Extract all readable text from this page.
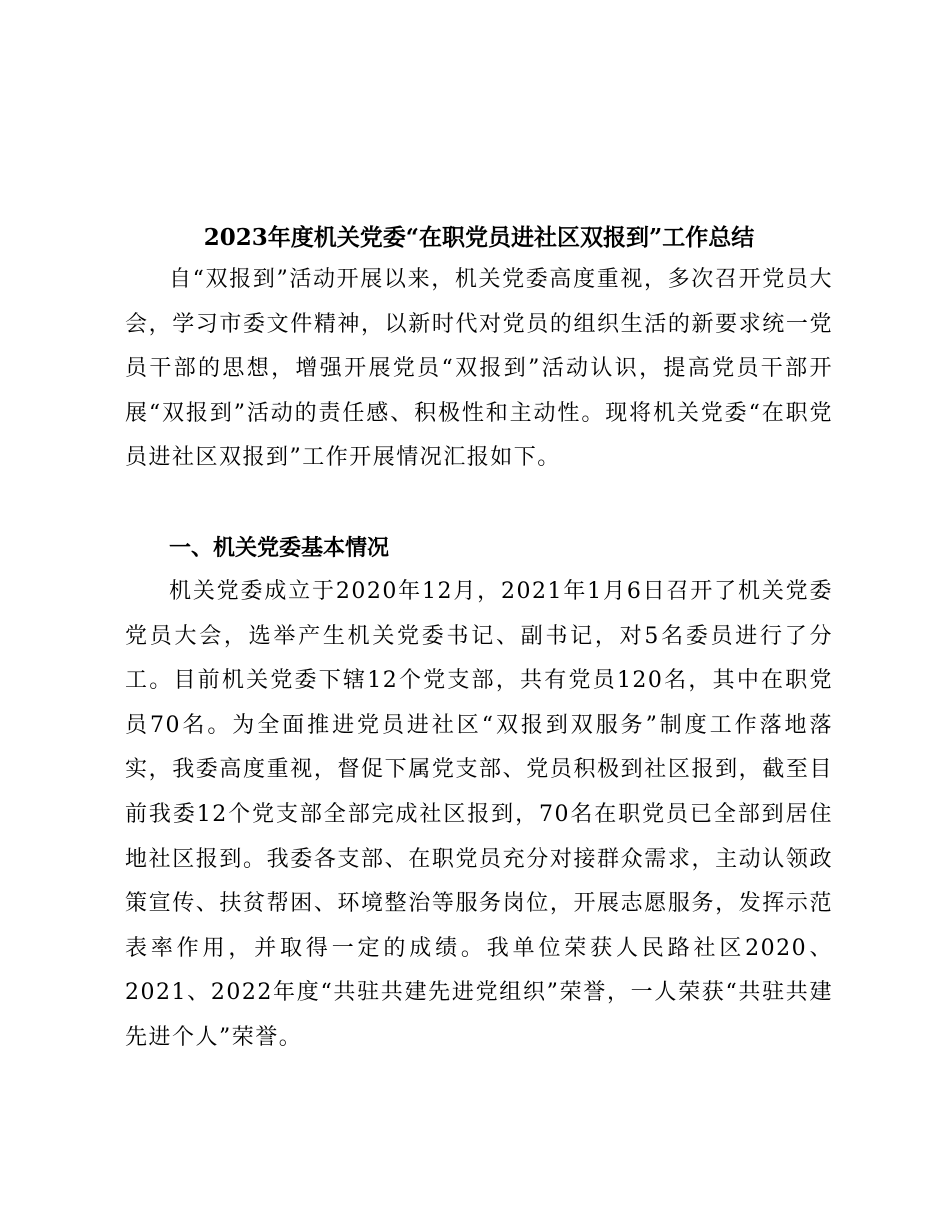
2023年度机关党委“在职党员进社区双报到”工作总结

自“双报到”活动开展以来，机关党委高度重视，多次召开党员大会，学习市委文件精神，以新时代对党员的组织生活的新要求统一党员干部的思想，增强开展党员“双报到”活动认识，提高党员干部开展“双报到”活动的责任感、积极性和主动性。现将机关党委“在职党员进社区双报到”工作开展情况汇报如下。

一、机关党委基本情况

机关党委成立于2020年12月，2021年1月6日召开了机关党委党员大会，选举产生机关党委书记、副书记，对5名委员进行了分工。目前机关党委下辖12个党支部，共有党员120名，其中在职党员70名。为全面推进党员进社区“双报到双服务”制度工作落地落实，我委高度重视，督促下属党支部、党员积极到社区报到，截至目前我委12个党支部全部完成社区报到，70名在职党员已全部到居住地社区报到。我委各支部、在职党员充分对接群众需求，主动认领政策宣传、扶贫帮困、环境整治等服务岗位，开展志愿服务，发挥示范表率作用，并取得一定的成绩。我单位荣获人民路社区2020、2021、2022年度“共驻共建先进党组织”荣誉，一人荣获“共驻共建先进个人”荣誉。
